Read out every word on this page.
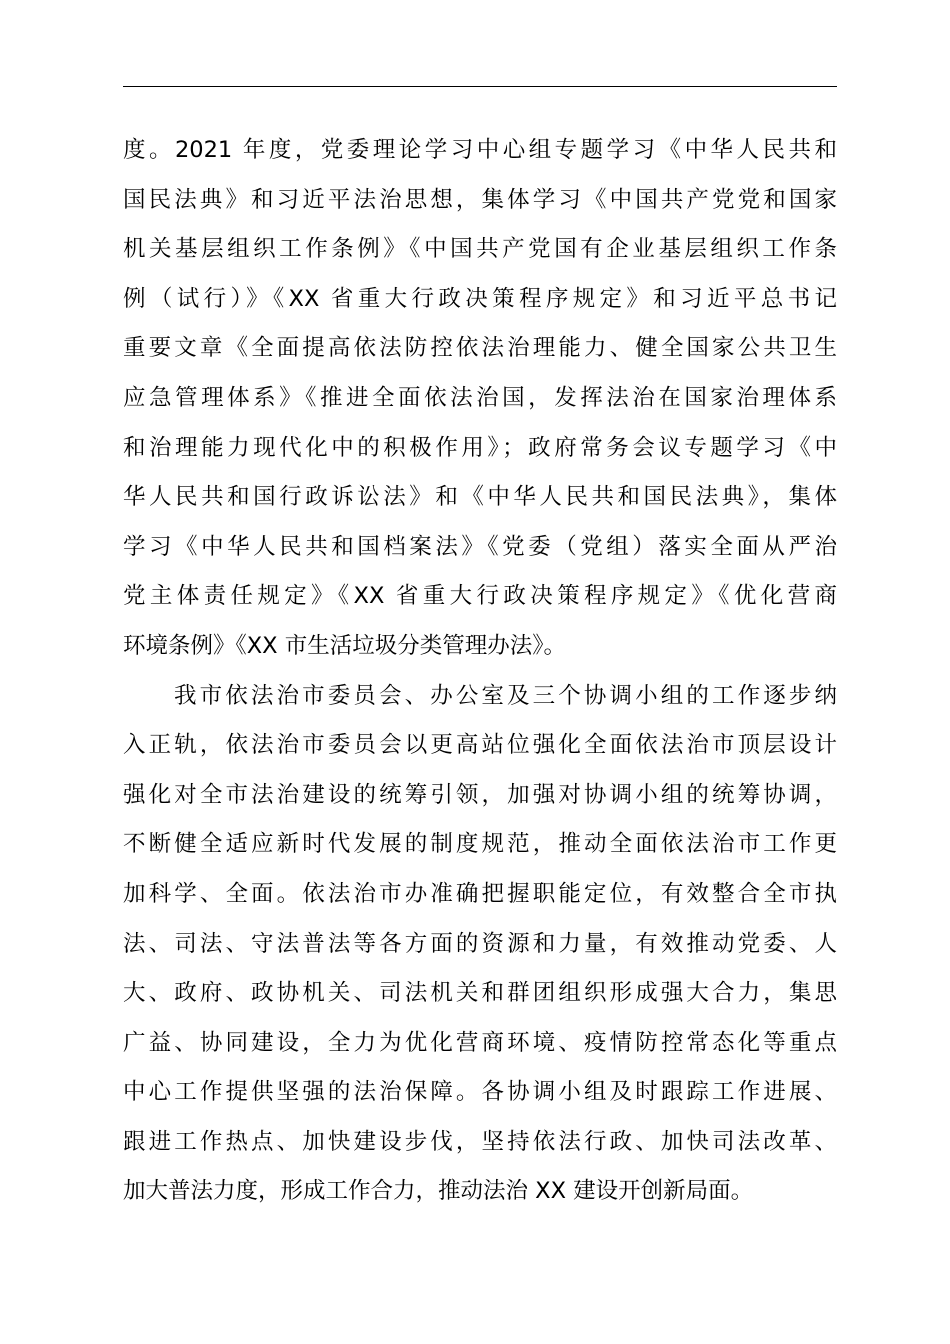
度。2021 年度，党委理论学习中心组专题学习《中华人民共和
国民法典》和习近平法治思想，集体学习《中国共产党党和国家
机关基层组织工作条例》《中国共产党国有企业基层组织工作条
例（试行）》《XX 省重大行政决策程序规定》和习近平总书记
重要文章《全面提高依法防控依法治理能力、健全国家公共卫生
应急管理体系》《推进全面依法治国，发挥法治在国家治理体系
和治理能力现代化中的积极作用》；政府常务会议专题学习《中
华人民共和国行政诉讼法》和《中华人民共和国民法典》，集体
学习《中华人民共和国档案法》《党委（党组）落实全面从严治
党主体责任规定》《XX 省重大行政决策程序规定》《优化营商
环境条例》《XX 市生活垃圾分类管理办法》。
我市依法治市委员会、办公室及三个协调小组的工作逐步纳
入正轨，依法治市委员会以更高站位强化全面依法治市顶层设计
强化对全市法治建设的统筹引领，加强对协调小组的统筹协调，
不断健全适应新时代发展的制度规范，推动全面依法治市工作更
加科学、全面。依法治市办准确把握职能定位，有效整合全市执
法、司法、守法普法等各方面的资源和力量，有效推动党委、人
大、政府、政协机关、司法机关和群团组织形成强大合力，集思
广益、协同建设，全力为优化营商环境、疫情防控常态化等重点
中心工作提供坚强的法治保障。各协调小组及时跟踪工作进展、
跟进工作热点、加快建设步伐，坚持依法行政、加快司法改革、
加大普法力度，形成工作合力，推动法治 XX 建设开创新局面。
